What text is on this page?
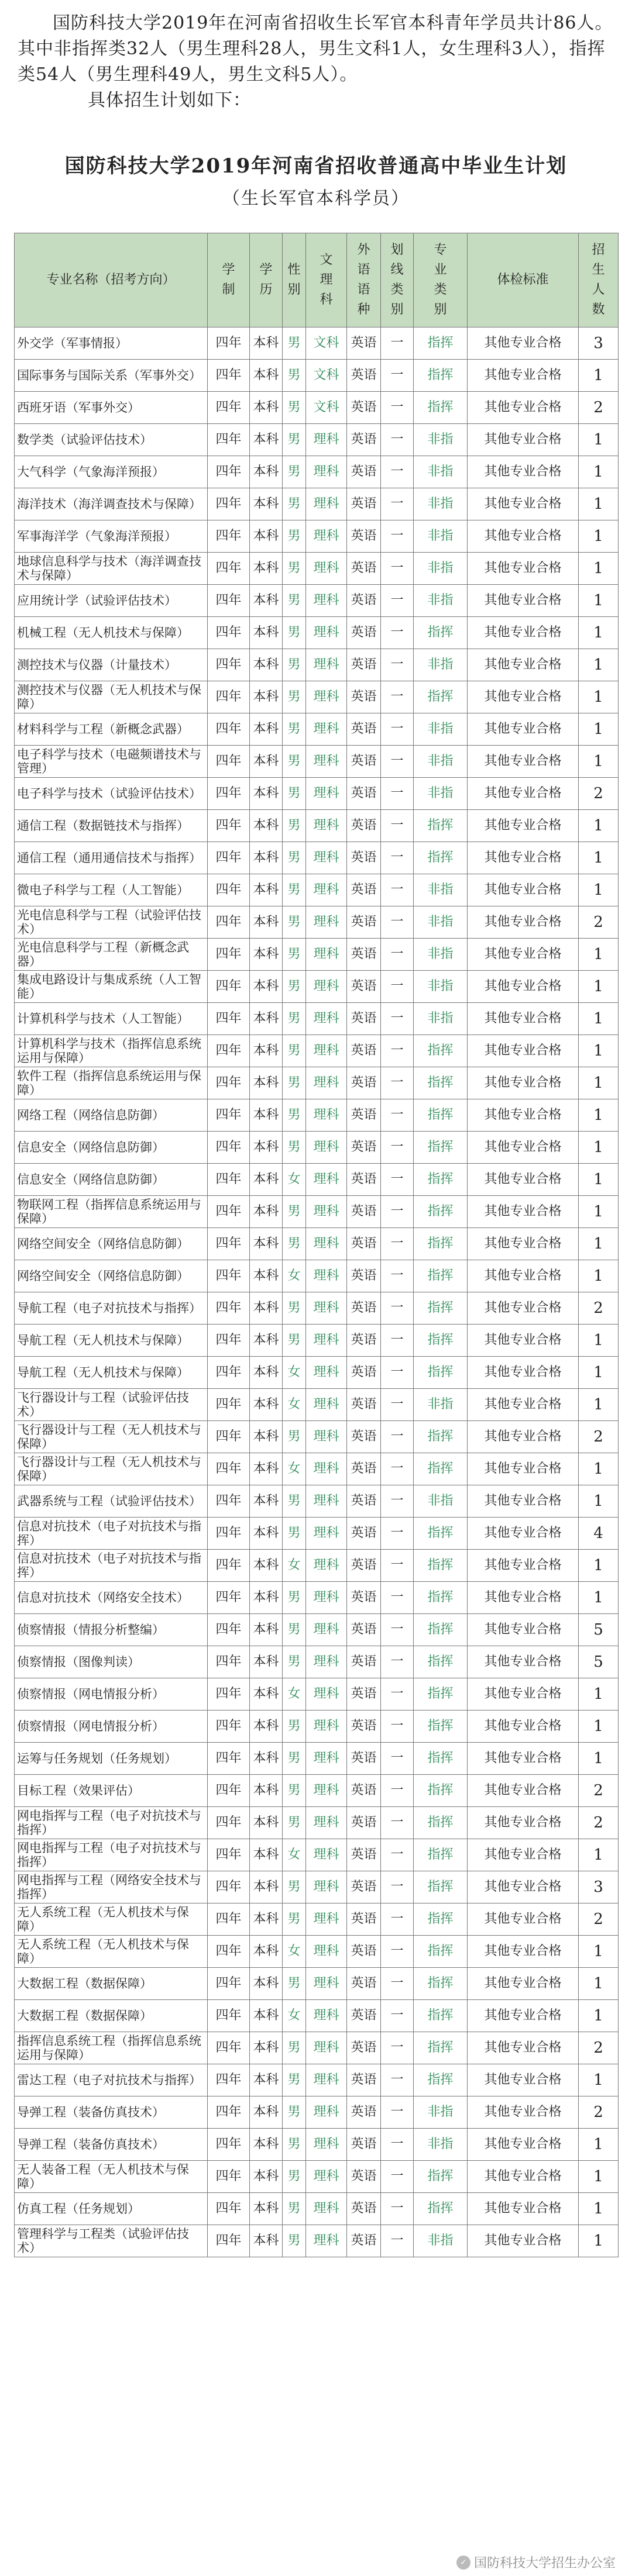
国防科技大学2019年在河南省招收生长军官本科青年学员共计86人。其中非指挥类32人（男生理科28人，男生文科1人，女生理科3人），指挥类54人（男生理科49人，男生文科5人）。

具体招生计划如下：

国防科技大学2019年河南省招收普通高中毕业生计划
（生长军官本科学员）
专业名称（招考方向）	学制	学历	性别	文理科	外语语种	划线类别	专业类别	体检标准	招生人数
外交学（军事情报）	四年	本科	男	文科	英语	一	指挥	其他专业合格	3
国际事务与国际关系（军事外交）	四年	本科	男	文科	英语	一	指挥	其他专业合格	1
西班牙语（军事外交）	四年	本科	男	文科	英语	一	指挥	其他专业合格	2
数学类（试验评估技术）	四年	本科	男	理科	英语	一	非指	其他专业合格	1
大气科学（气象海洋预报）	四年	本科	男	理科	英语	一	非指	其他专业合格	1
海洋技术（海洋调查技术与保障）	四年	本科	男	理科	英语	一	非指	其他专业合格	1
军事海洋学（气象海洋预报）	四年	本科	男	理科	英语	一	非指	其他专业合格	1
地球信息科学与技术（海洋调查技术与保障）	四年	本科	男	理科	英语	一	非指	其他专业合格	1
应用统计学（试验评估技术）	四年	本科	男	理科	英语	一	非指	其他专业合格	1
机械工程（无人机技术与保障）	四年	本科	男	理科	英语	一	指挥	其他专业合格	1
测控技术与仪器（计量技术）	四年	本科	男	理科	英语	一	非指	其他专业合格	1
测控技术与仪器（无人机技术与保障）	四年	本科	男	理科	英语	一	指挥	其他专业合格	1
材料科学与工程（新概念武器）	四年	本科	男	理科	英语	一	非指	其他专业合格	1
电子科学与技术（电磁频谱技术与管理）	四年	本科	男	理科	英语	一	非指	其他专业合格	1
电子科学与技术（试验评估技术）	四年	本科	男	理科	英语	一	非指	其他专业合格	2
通信工程（数据链技术与指挥）	四年	本科	男	理科	英语	一	指挥	其他专业合格	1
通信工程（通用通信技术与指挥）	四年	本科	男	理科	英语	一	指挥	其他专业合格	1
微电子科学与工程（人工智能）	四年	本科	男	理科	英语	一	非指	其他专业合格	1
光电信息科学与工程（试验评估技术）	四年	本科	男	理科	英语	一	非指	其他专业合格	2
光电信息科学与工程（新概念武器）	四年	本科	男	理科	英语	一	非指	其他专业合格	1
集成电路设计与集成系统（人工智能）	四年	本科	男	理科	英语	一	非指	其他专业合格	1
计算机科学与技术（人工智能）	四年	本科	男	理科	英语	一	非指	其他专业合格	1
计算机科学与技术（指挥信息系统运用与保障）	四年	本科	男	理科	英语	一	指挥	其他专业合格	1
软件工程（指挥信息系统运用与保障）	四年	本科	男	理科	英语	一	指挥	其他专业合格	1
网络工程（网络信息防御）	四年	本科	男	理科	英语	一	指挥	其他专业合格	1
信息安全（网络信息防御）	四年	本科	男	理科	英语	一	指挥	其他专业合格	1
信息安全（网络信息防御）	四年	本科	女	理科	英语	一	指挥	其他专业合格	1
物联网工程（指挥信息系统运用与保障）	四年	本科	男	理科	英语	一	指挥	其他专业合格	1
网络空间安全（网络信息防御）	四年	本科	男	理科	英语	一	指挥	其他专业合格	1
网络空间安全（网络信息防御）	四年	本科	女	理科	英语	一	指挥	其他专业合格	1
导航工程（电子对抗技术与指挥）	四年	本科	男	理科	英语	一	指挥	其他专业合格	2
导航工程（无人机技术与保障）	四年	本科	男	理科	英语	一	指挥	其他专业合格	1
导航工程（无人机技术与保障）	四年	本科	女	理科	英语	一	指挥	其他专业合格	1
飞行器设计与工程（试验评估技术）	四年	本科	女	理科	英语	一	非指	其他专业合格	1
飞行器设计与工程（无人机技术与保障）	四年	本科	男	理科	英语	一	指挥	其他专业合格	2
飞行器设计与工程（无人机技术与保障）	四年	本科	女	理科	英语	一	指挥	其他专业合格	1
武器系统与工程（试验评估技术）	四年	本科	男	理科	英语	一	非指	其他专业合格	1
信息对抗技术（电子对抗技术与指挥）	四年	本科	男	理科	英语	一	指挥	其他专业合格	4
信息对抗技术（电子对抗技术与指挥）	四年	本科	女	理科	英语	一	指挥	其他专业合格	1
信息对抗技术（网络安全技术）	四年	本科	男	理科	英语	一	指挥	其他专业合格	1
侦察情报（情报分析整编）	四年	本科	男	理科	英语	一	指挥	其他专业合格	5
侦察情报（图像判读）	四年	本科	男	理科	英语	一	指挥	其他专业合格	5
侦察情报（网电情报分析）	四年	本科	女	理科	英语	一	指挥	其他专业合格	1
侦察情报（网电情报分析）	四年	本科	男	理科	英语	一	指挥	其他专业合格	1
运筹与任务规划（任务规划）	四年	本科	男	理科	英语	一	指挥	其他专业合格	1
目标工程（效果评估）	四年	本科	男	理科	英语	一	指挥	其他专业合格	2
网电指挥与工程（电子对抗技术与指挥）	四年	本科	男	理科	英语	一	指挥	其他专业合格	2
网电指挥与工程（电子对抗技术与指挥）	四年	本科	女	理科	英语	一	指挥	其他专业合格	1
网电指挥与工程（网络安全技术与指挥）	四年	本科	男	理科	英语	一	指挥	其他专业合格	3
无人系统工程（无人机技术与保障）	四年	本科	男	理科	英语	一	指挥	其他专业合格	2
无人系统工程（无人机技术与保障）	四年	本科	女	理科	英语	一	指挥	其他专业合格	1
大数据工程（数据保障）	四年	本科	男	理科	英语	一	指挥	其他专业合格	1
大数据工程（数据保障）	四年	本科	女	理科	英语	一	指挥	其他专业合格	1
指挥信息系统工程（指挥信息系统运用与保障）	四年	本科	男	理科	英语	一	指挥	其他专业合格	2
雷达工程（电子对抗技术与指挥）	四年	本科	男	理科	英语	一	指挥	其他专业合格	1
导弹工程（装备仿真技术）	四年	本科	男	理科	英语	一	非指	其他专业合格	2
导弹工程（装备仿真技术）	四年	本科	男	理科	英语	一	非指	其他专业合格	1
无人装备工程（无人机技术与保障）	四年	本科	男	理科	英语	一	指挥	其他专业合格	1
仿真工程（任务规划）	四年	本科	男	理科	英语	一	指挥	其他专业合格	1
管理科学与工程类（试验评估技术）	四年	本科	男	理科	英语	一	非指	其他专业合格	1
✓ 国防科技大学招生办公室
